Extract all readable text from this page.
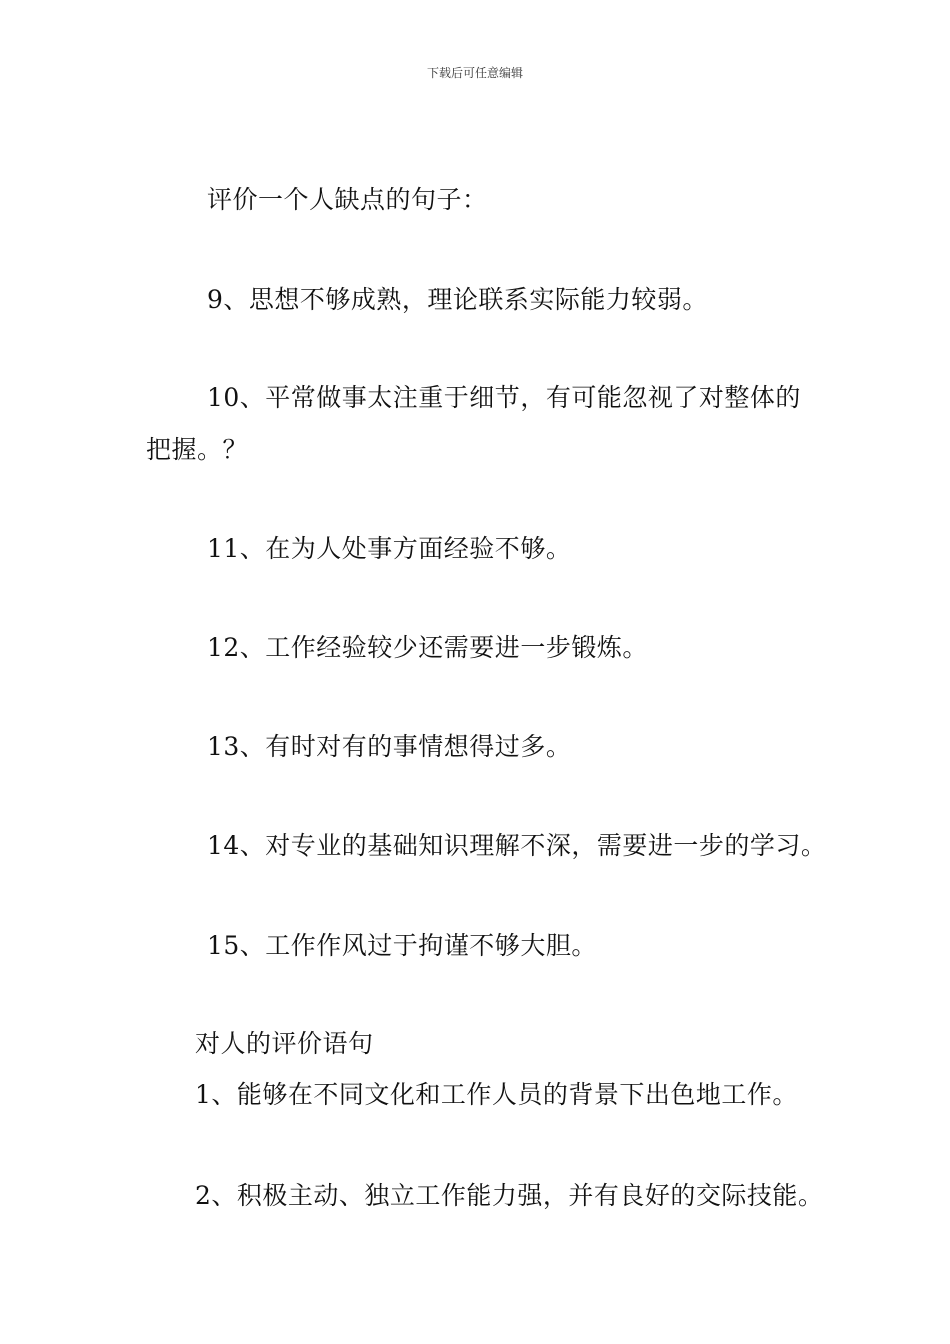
下载后可任意编辑
评价一个人缺点的句子：
9、思想不够成熟，理论联系实际能力较弱。
10、平常做事太注重于细节，有可能忽视了对整体的
把握。？
11、在为人处事方面经验不够。
12、工作经验较少还需要进一步锻炼。
13、有时对有的事情想得过多。
14、对专业的基础知识理解不深，需要进一步的学习。
15、工作作风过于拘谨不够大胆。
对人的评价语句
1、能够在不同文化和工作人员的背景下出色地工作。
2、积极主动、独立工作能力强，并有良好的交际技能。
